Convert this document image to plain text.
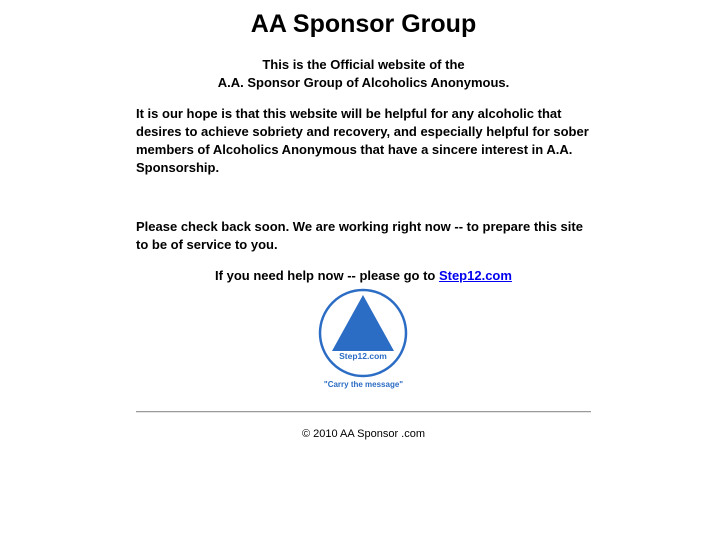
AA Sponsor Group
This is the Official website of the
A.A. Sponsor Group of Alcoholics Anonymous.
It is our hope is that this website will be helpful for any alcoholic that desires to achieve sobriety and recovery, and especially helpful for sober members of Alcoholics Anonymous that have a sincere interest in A.A. Sponsorship.
Please check back soon. We are working right now -- to prepare this site to be of service to you.
If you need help now -- please go to Step12.com
Step12.com
"Carry the message"
© 2010 AA Sponsor .com
